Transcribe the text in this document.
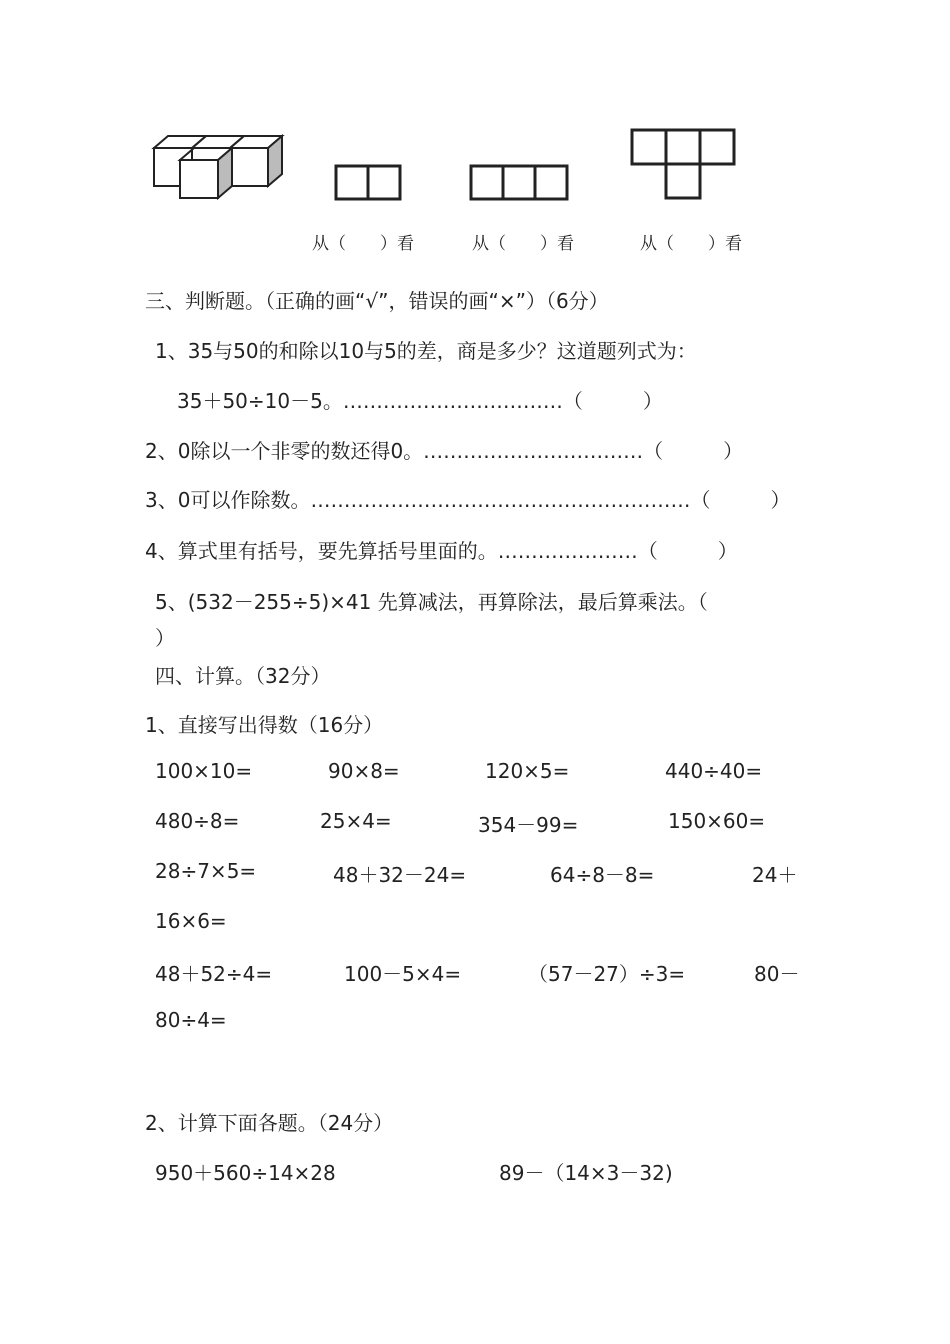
从（　　）看	从（　　）看	从（　　）看
三、判断题。（正确的画“√”，错误的画“×”）（6分）
1、35与50的和除以10与5的差，商是多少？这道题列式为：
35＋50÷10－5。……………………………（　　　）
2、0除以一个非零的数还得0。……………………………（　　　）
3、0可以作除数。…………………………………………………（　　　）
4、算式里有括号，要先算括号里面的。…………………（　　　）
5、(532－255÷5)×41 先算减法，再算除法，最后算乘法。（
）
四、计算。（32分）
1、直接写出得数（16分）
100×10=	90×8=	120×5=	440÷40=
480÷8=	25×4=	354－99=	150×60=
28÷7×5=	48＋32－24=	64÷8－8=	24＋
16×6=
48＋52÷4=	100－5×4=	（57－27）÷3=	80－
80÷4=
2、计算下面各题。（24分）
950＋560÷14×28	89－（14×3－32)
